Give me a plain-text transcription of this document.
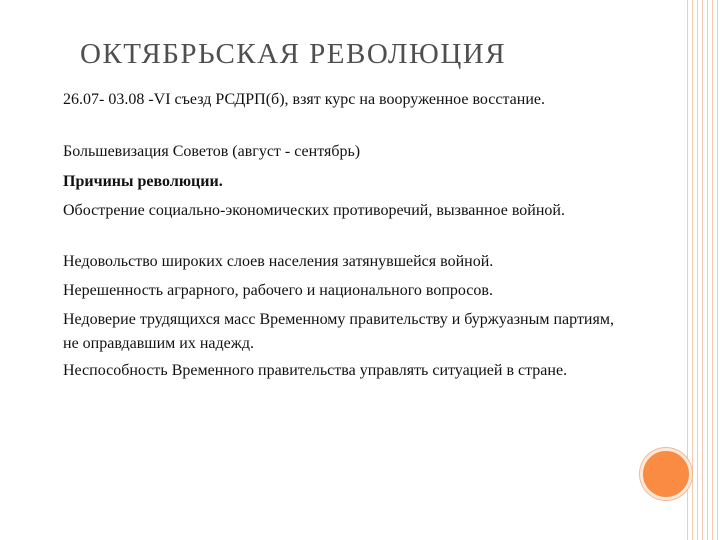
ОКТЯБРЬСКАЯ РЕВОЛЮЦИЯ
26.07- 03.08 -VI съезд РСДРП(б), взят курс на вооруженное восстание.
Большевизация Советов (август - сентябрь)
Причины революции.
Обострение социально-экономических противоречий, вызванное войной.
Недовольство широких слоев населения затянувшейся войной.
Нерешенность аграрного, рабочего и национального вопросов.
Недоверие трудящихся масс Временному правительству и буржуазным партиям, не оправдавшим их надежд.
Неспособность Временного правительства управлять ситуацией в стране.
